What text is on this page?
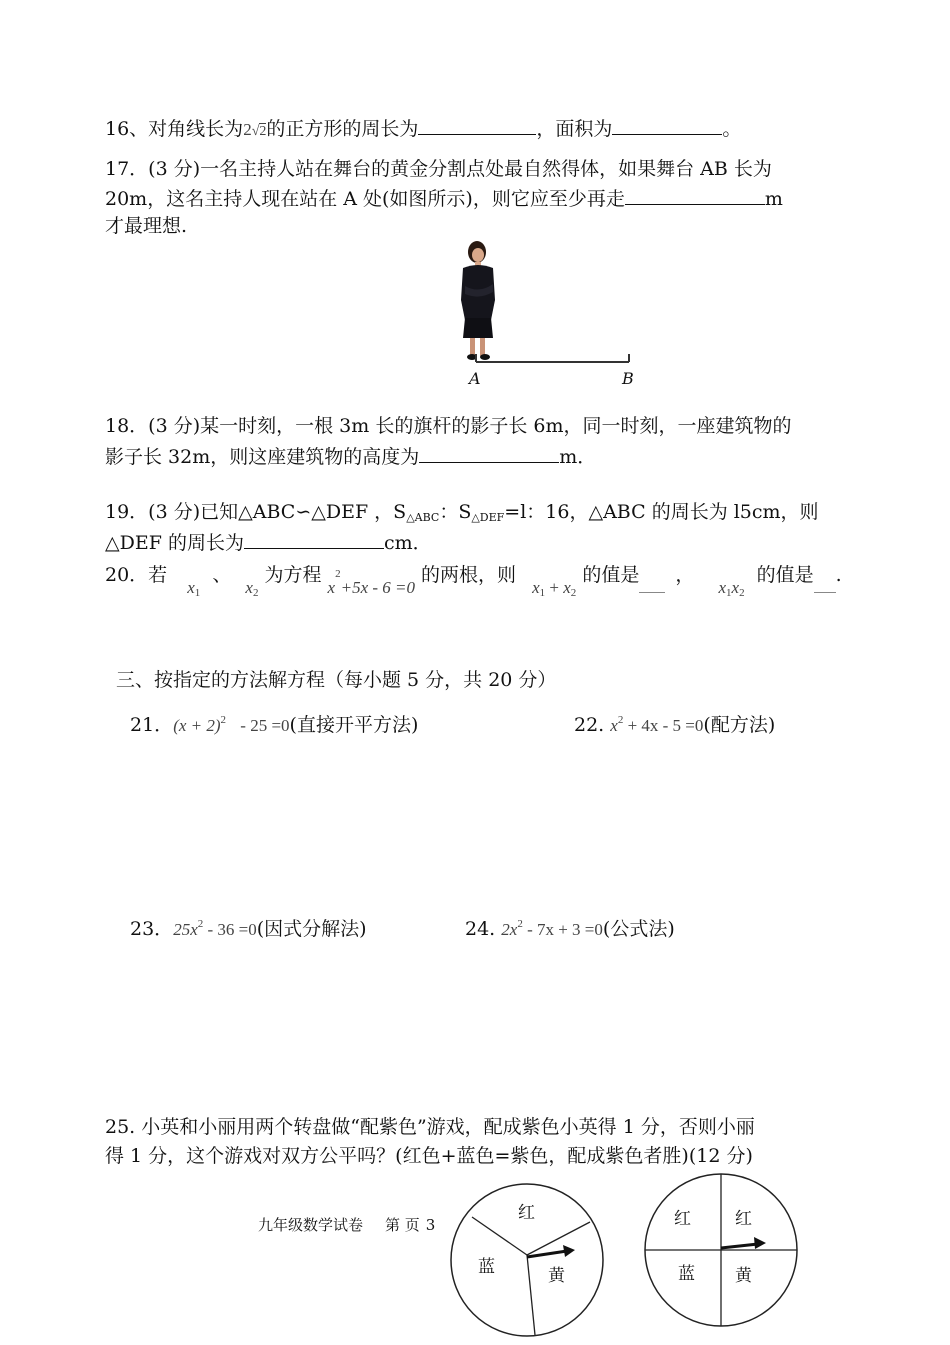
16、对角线长为2√2的正方形的周长为	，面积为	。
17．(3 分)一名主持人站在舞台的黄金分割点处最自然得体，如果舞台 AB 长为
20m，这名主持人现在站在 A 处(如图所示)，则它应至少再走	m
才最理想.
A	B
18．(3 分)某一时刻，一根 3m 长的旗杆的影子长 6m，同一时刻，一座建筑物的
影子长 32m，则这座建筑物的高度为	m．
19．(3 分)已知△ABC∽△DEF ，$S_{\triangle ABC}$：$S_{\triangle DEF}=l$：16，△ABC 的周长为 l5cm，则
△DEF 的周长为	cm．
20．若 $x_1$ 、 $x_2$ 为方程 $x^2+5x - 6 =0$ 的两根，则 $x_1 + x_2$ 的值是 ， $x_1x_2$ 的值是 .
三、按指定的方法解方程（每小题 5 分，共 20 分）
21．$(x + 2)^2 - 25 =0$(直接开平方法)	22. $x^2 + 4x - 5 =0$(配方法)
23．$25x^2 - 36 =0$(因式分解法)	24. $2x^2 - 7x + 3 =0$(公式法)
25. 小英和小丽用两个转盘做“配紫色”游戏，配成紫色小英得 1 分，否则小丽
得 1 分，这个游戏对双方公平吗？(红色+蓝色=紫色，配成紫色者胜)(12 分)
九年级数学试卷 第 页 3
红
蓝	黄
红	红
蓝 黄
